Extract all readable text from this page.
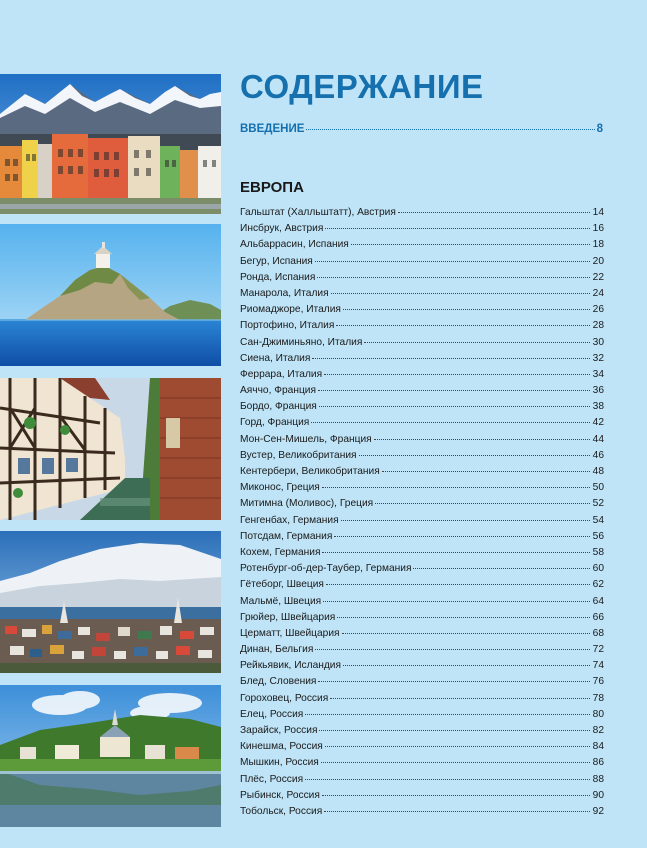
СОДЕРЖАНИЕ
ВВЕДЕНИЕ	8
ЕВРОПА
Гальштат (Халльштатт), Австрия	14
Инсбрук, Австрия	16
Альбаррасин, Испания	18
Бегур, Испания	20
Ронда, Испания	22
Манарола, Италия	24
Риомаджоре, Италия	26
Портофино, Италия	28
Сан-Джиминьяно, Италия	30
Сиена, Италия	32
Феррара, Италия	34
Аяччо, Франция	36
Бордо, Франция	38
Горд, Франция	42
Мон-Сен-Мишель, Франция	44
Вустер, Великобритания	46
Кентербери, Великобритания	48
Миконос, Греция	50
Митимна (Моливос), Греция	52
Генгенбах, Германия	54
Потсдам, Германия	56
Кохем, Германия	58
Ротенбург-об-дер-Таубер, Германия	60
Гётеборг, Швеция	62
Мальмё, Швеция	64
Грюйер, Швейцария	66
Церматт, Швейцария	68
Динан, Бельгия	72
Рейкьявик, Исландия	74
Блед, Словения	76
Гороховец, Россия	78
Елец, Россия	80
Зарайск, Россия	82
Кинешма, Россия	84
Мышкин, Россия	86
Плёс, Россия	88
Рыбинск, Россия	90
Тобольск, Россия	92
